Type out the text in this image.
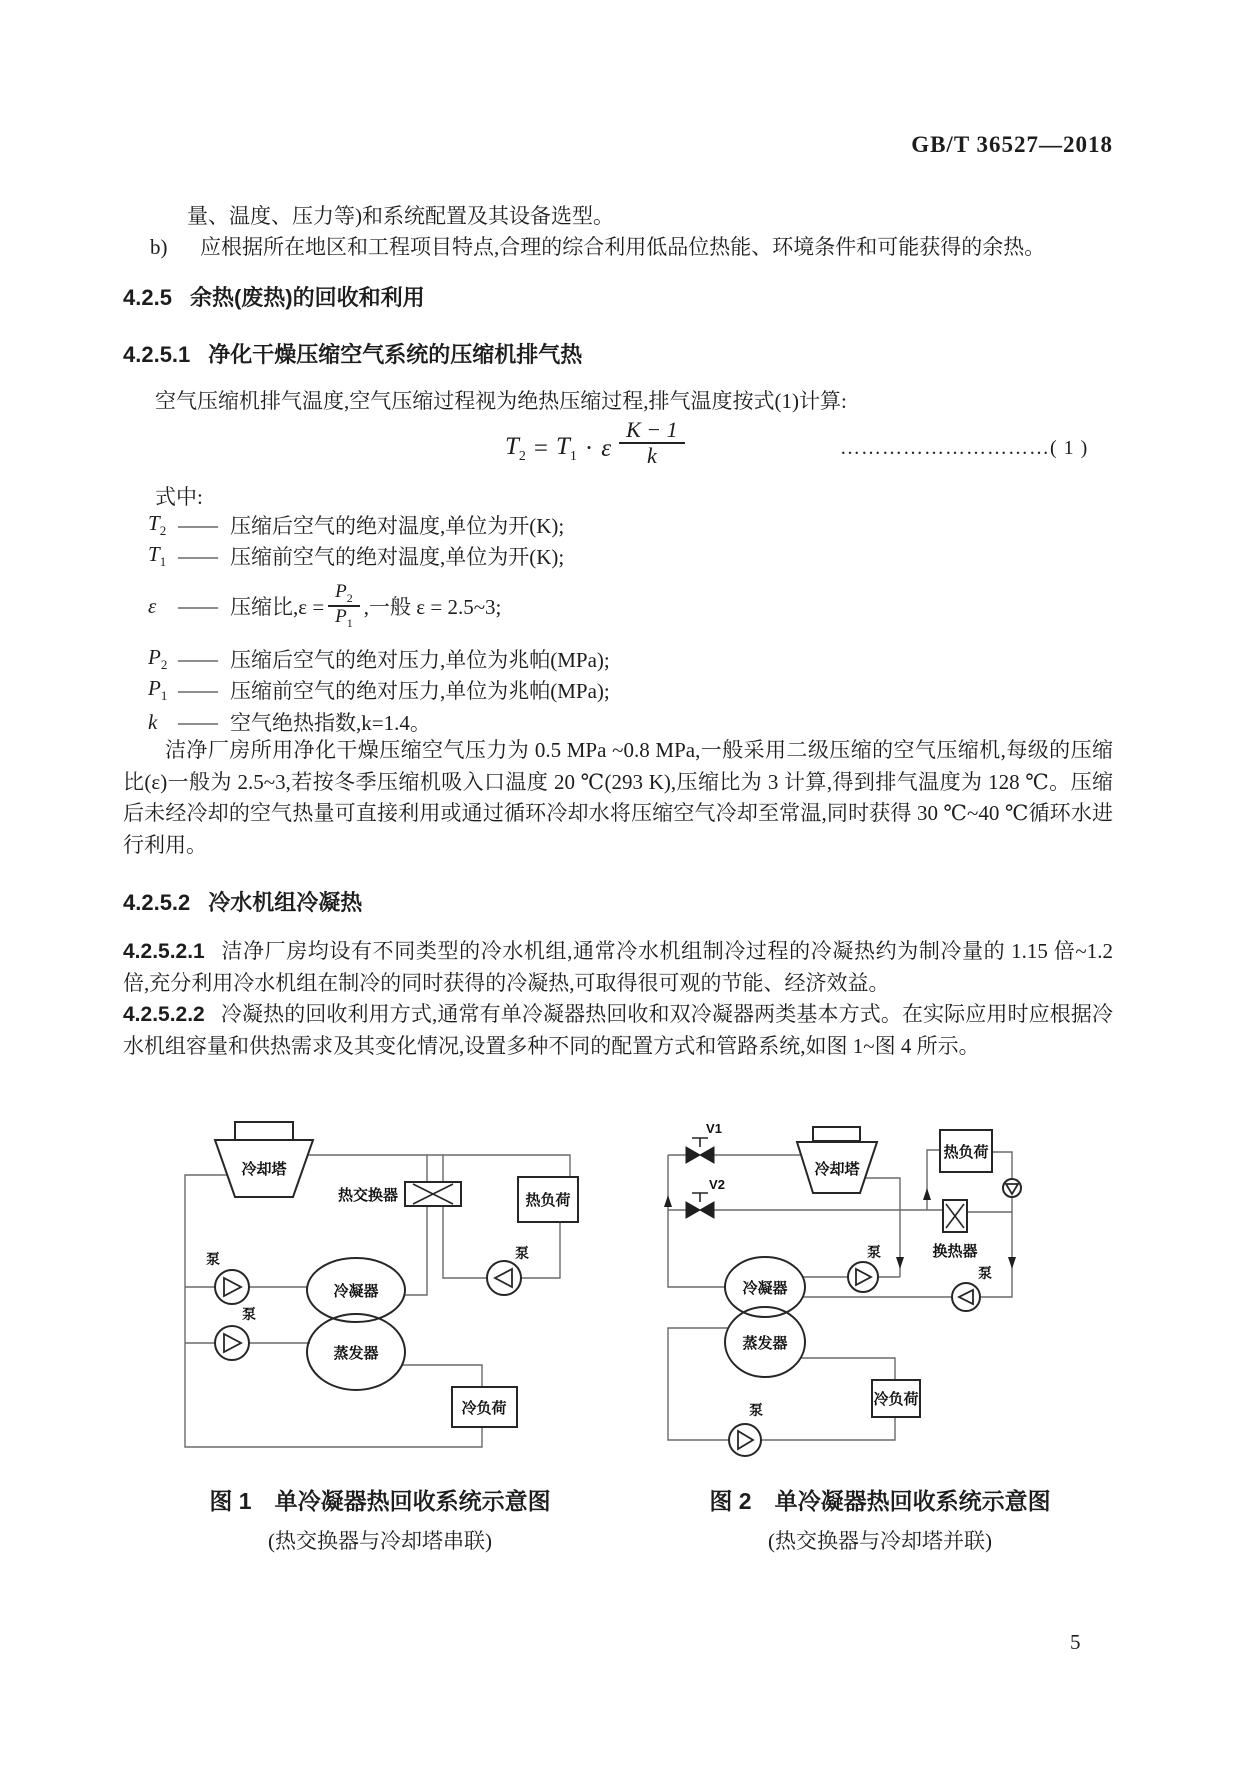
GB/T 36527—2018
量、温度、压力等)和系统配置及其设备选型。
b)	应根据所在地区和工程项目特点,合理的综合利用低品位热能、环境条件和可能获得的余热。
4.2.5 余热(废热)的回收和利用
4.2.5.1 净化干燥压缩空气系统的压缩机排气热
空气压缩机排气温度,空气压缩过程视为绝热压缩过程,排气温度按式(1)计算:
$T_2 = T_1 \cdot \varepsilon \frac{K - 1}{k}$	…………………………( 1 )
式中:
$T_2$ —— 压缩后空气的绝对温度,单位为开(K);
$T_1$ —— 压缩前空气的绝对温度,单位为开(K);
ε	—— 压缩比$,\varepsilon = \frac{P_2}{P_1}$ ,一般 ε = 2.5~3;
$P_2$ —— 压缩后空气的绝对压力,单位为兆帕(MPa);
$P_1$ —— 压缩前空气的绝对压力,单位为兆帕(MPa);
k —— 空气绝热指数,k=1.4。
洁净厂房所用净化干燥压缩空气压力为 0.5 MPa ~0.8 MPa,一般采用二级压缩的空气压缩机,每级的压缩比(ε)一般为 2.5~3,若按冬季压缩机吸入口温度 20 ℃(293 K),压缩比为 3 计算,得到排气温度为 128 ℃。压缩后未经冷却的空气热量可直接利用或通过循环冷却水将压缩空气冷却至常温,同时获得 30 ℃~40 ℃循环水进行利用。
4.2.5.2 冷水机组冷凝热
4.2.5.2.1 洁净厂房均设有不同类型的冷水机组,通常冷水机组制冷过程的冷凝热约为制冷量的 1.15 倍~1.2 倍,充分利用冷水机组在制冷的同时获得的冷凝热,可取得很可观的节能、经济效益。
4.2.5.2.2 冷凝热的回收利用方式,通常有单冷凝器热回收和双冷凝器两类基本方式。在实际应用时应根据冷水机组容量和供热需求及其变化情况,设置多种不同的配置方式和管路系统,如图 1~图 4 所示。
冷却塔
热交换器	热负荷
冷凝器
蒸发器
泵
泵
泵
冷负荷
V1
V2
冷却塔
热负荷
换热器
冷凝器
蒸发器
泵
泵
泵
冷负荷
图 1　单冷凝器热回收系统示意图
(热交换器与冷却塔串联)
图 2　单冷凝器热回收系统示意图
(热交换器与冷却塔并联)
5
